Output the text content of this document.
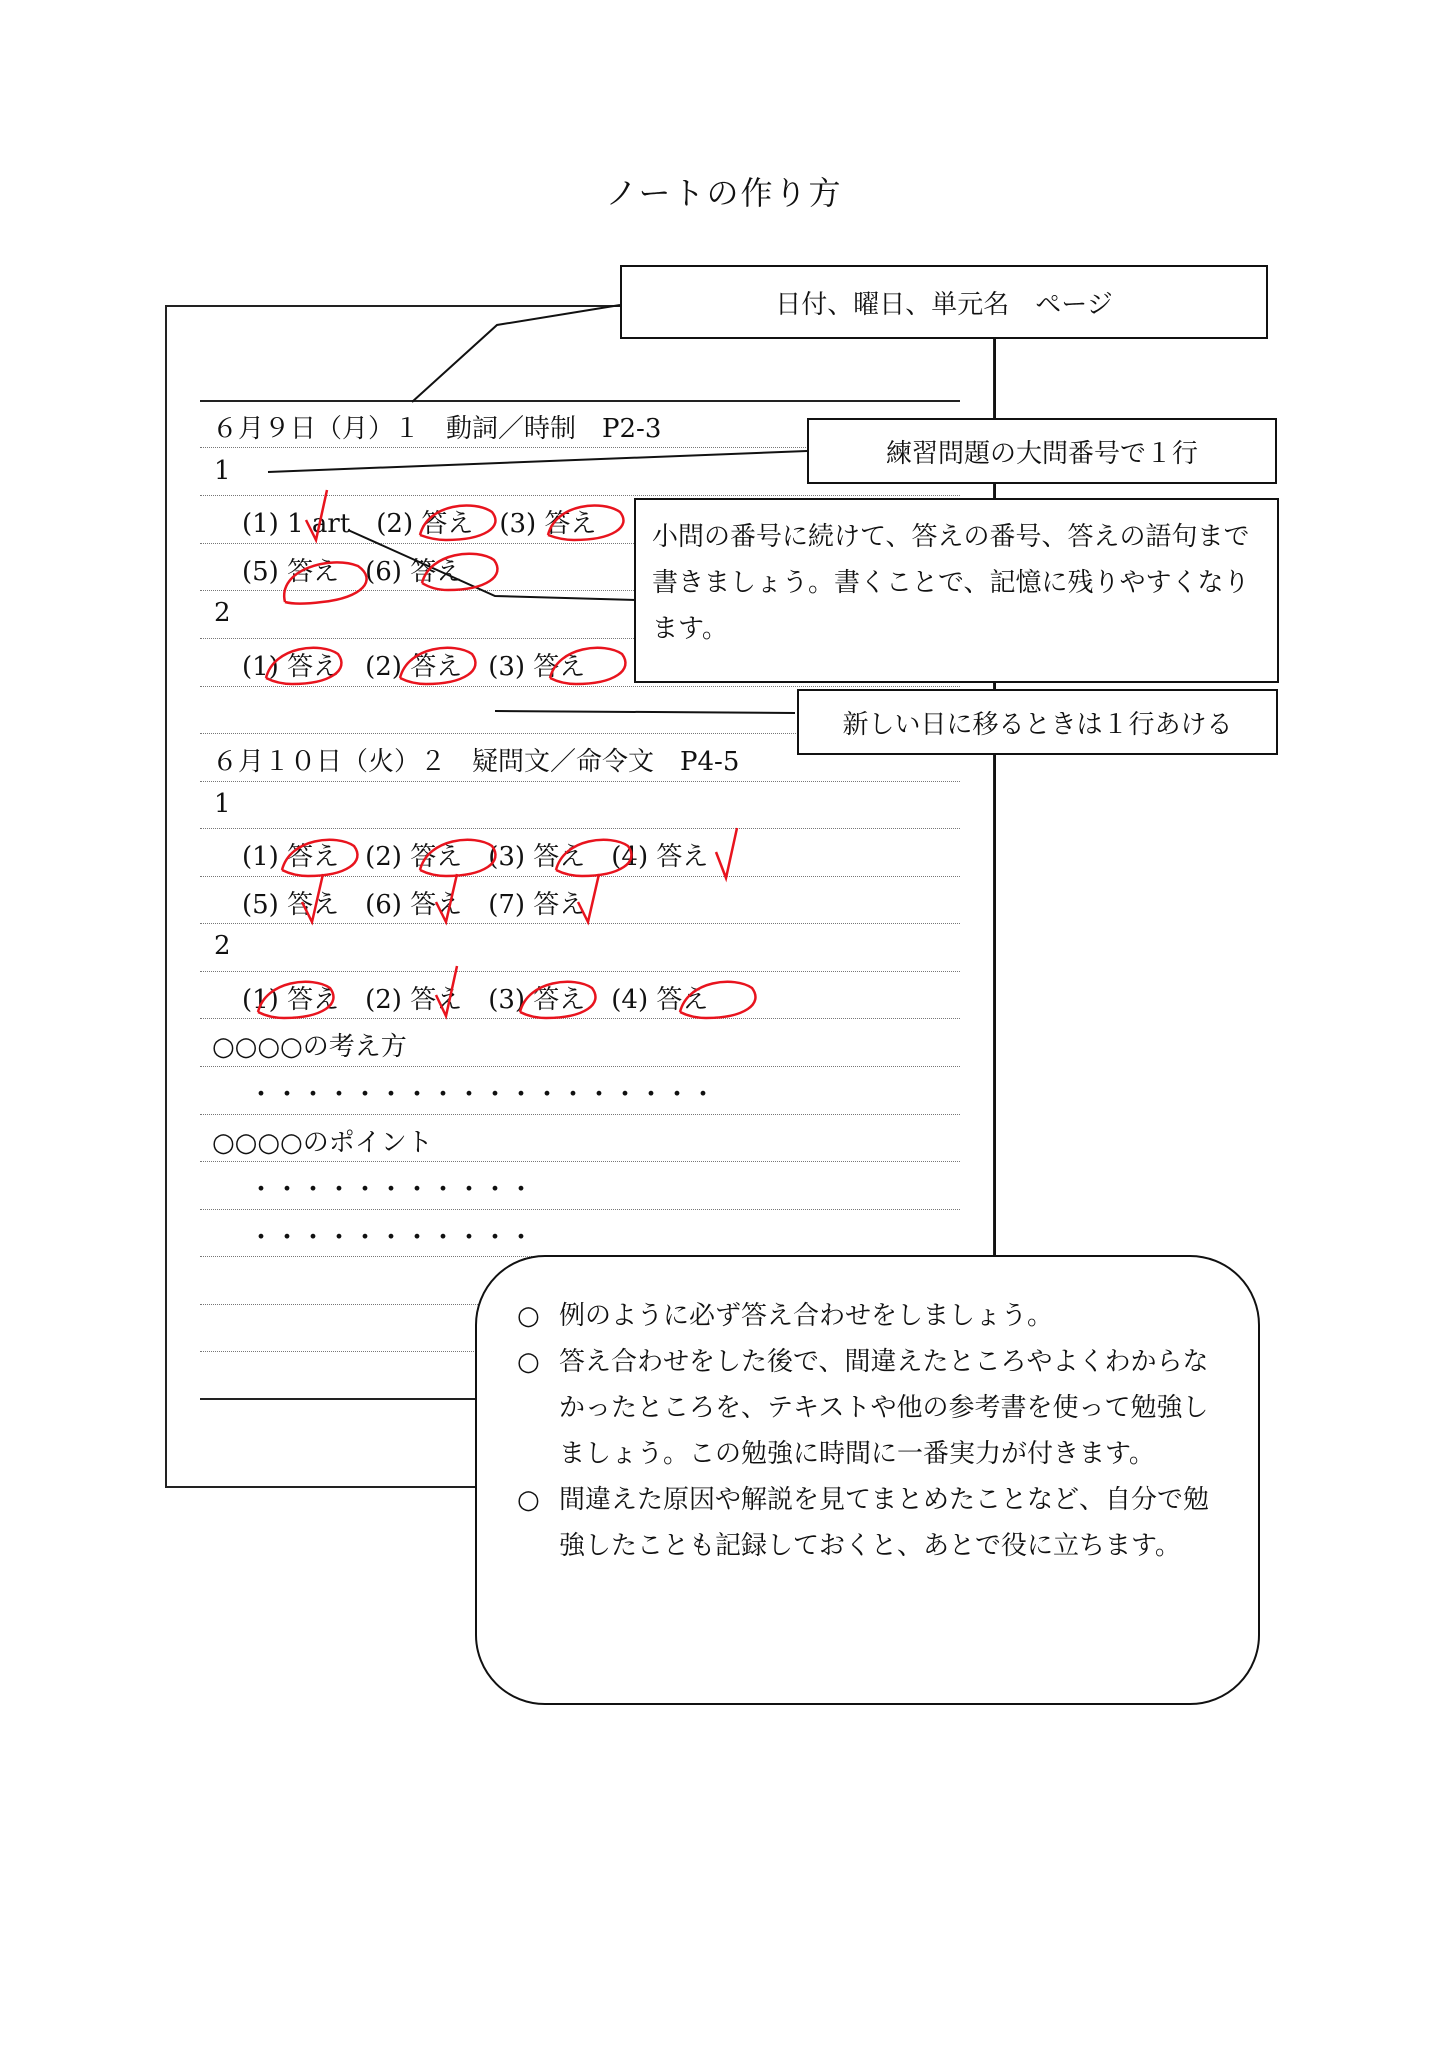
ノートの作り方
６月９日（月）１　動詞／時制　P2-3
1
(1) 1 art　(2) 答え　(3) 答え
(5) 答え　(6) 答え
2
(1) 答え　(2) 答え　(3) 答え
６月１０日（火）２　疑問文／命令文　P4-5
1
(1) 答え　(2) 答え　(3) 答え　(4) 答え
(5) 答え　(6) 答え　(7) 答え
2
(1) 答え　(2) 答え　(3) 答え　(4) 答え
○○○○の考え方
・・・・・・・・・・・・・・・・・・
○○○○のポイント
・・・・・・・・・・・
・・・・・・・・・・・
日付、曜日、単元名　ページ
練習問題の大問番号で１行
小問の番号に続けて、答えの番号、答えの語句まで書きましょう。書くことで、記憶に残りやすくなります。
新しい日に移るときは１行あける
○ 例のように必ず答え合わせをしましょう。
○ 答え合わせをした後で、間違えたところやよくわからなかったところを、テキストや他の参考書を使って勉強しましょう。この勉強に時間に一番実力が付きます。
○ 間違えた原因や解説を見てまとめたことなど、自分で勉強したことも記録しておくと、あとで役に立ちます。
